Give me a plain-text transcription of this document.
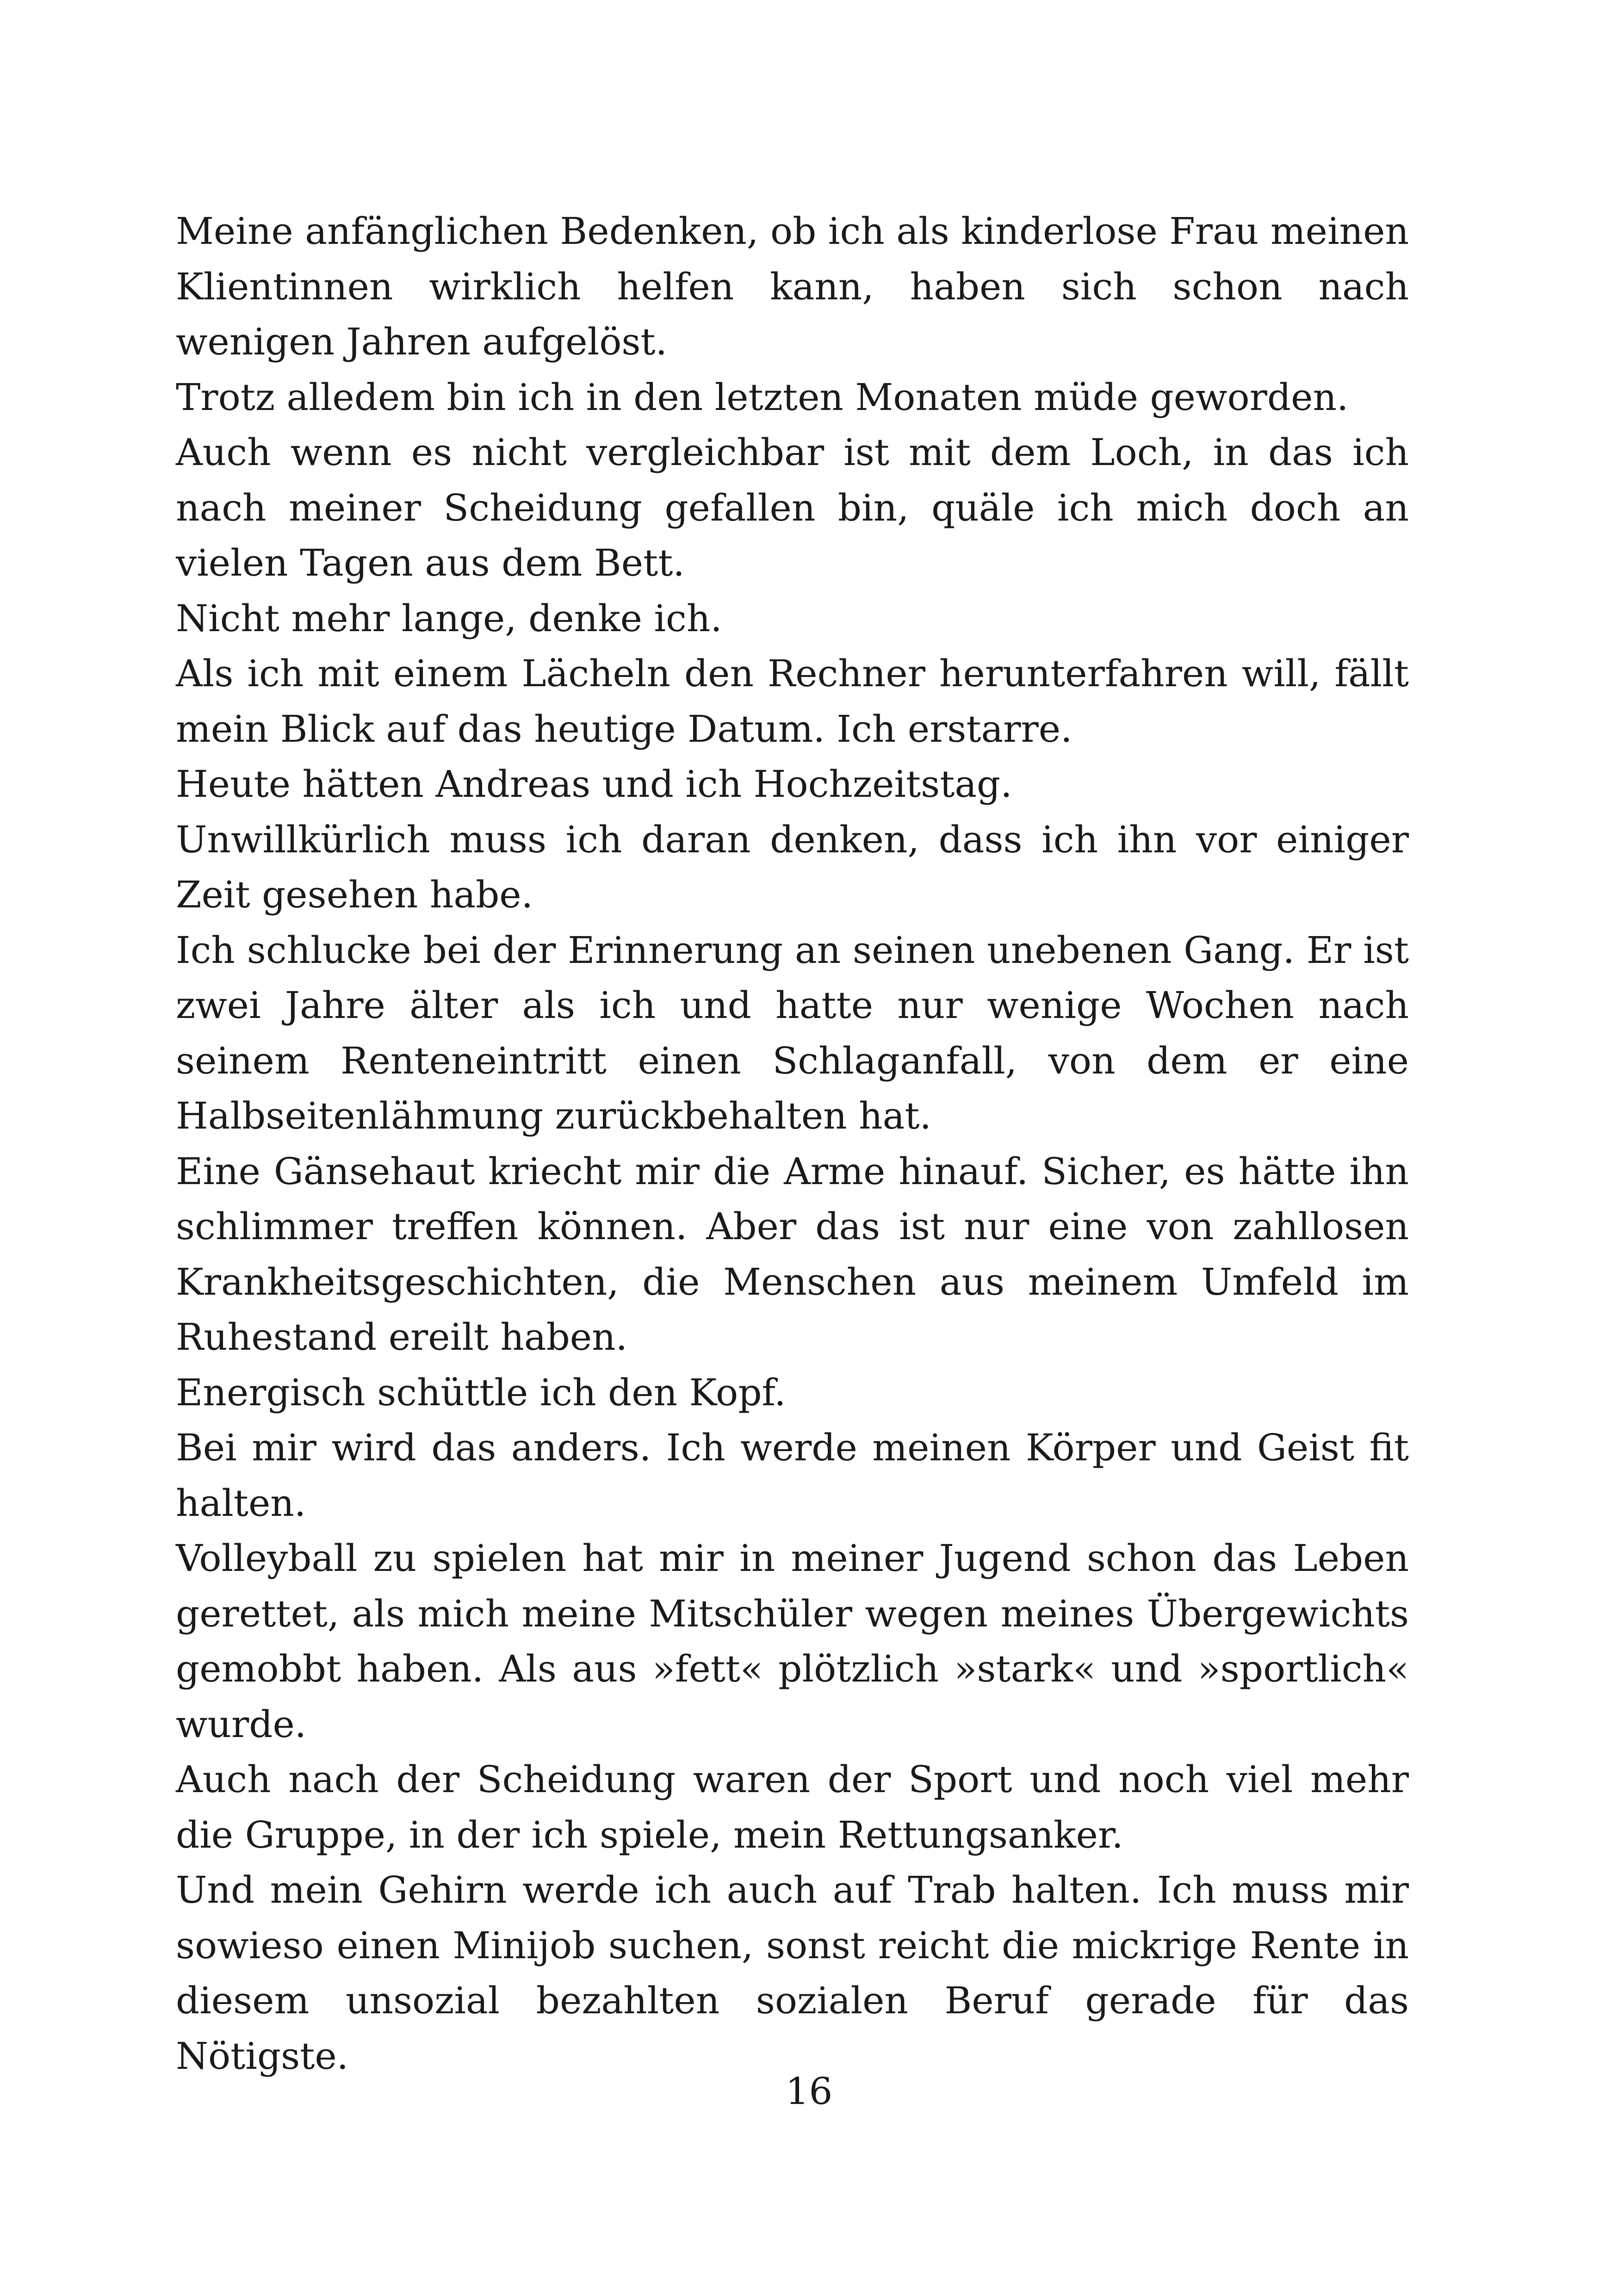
Meine anfänglichen Bedenken, ob ich als kinderlose Frau meinen Klientinnen wirklich helfen kann, haben sich schon nach wenigen Jahren aufgelöst.

Trotz alledem bin ich in den letzten Monaten müde geworden.

Auch wenn es nicht vergleichbar ist mit dem Loch, in das ich nach meiner Scheidung gefallen bin, quäle ich mich doch an vielen Tagen aus dem Bett.

Nicht mehr lange, denke ich.

Als ich mit einem Lächeln den Rechner herunterfahren will, fällt mein Blick auf das heutige Datum. Ich erstarre.

Heute hätten Andreas und ich Hochzeitstag.

Unwillkürlich muss ich daran denken, dass ich ihn vor einiger Zeit gesehen habe.

Ich schlucke bei der Erinnerung an seinen unebenen Gang. Er ist zwei Jahre älter als ich und hatte nur wenige Wochen nach seinem Renteneintritt einen Schlaganfall, von dem er eine Halbseitenlähmung zurückbehalten hat.

Eine Gänsehaut kriecht mir die Arme hinauf. Sicher, es hätte ihn schlimmer treffen können. Aber das ist nur eine von zahllosen Krankheitsgeschichten, die Menschen aus meinem Umfeld im Ruhestand ereilt haben.

Energisch schüttle ich den Kopf.

Bei mir wird das anders. Ich werde meinen Körper und Geist fit halten.

Volleyball zu spielen hat mir in meiner Jugend schon das Leben gerettet, als mich meine Mitschüler wegen meines Übergewichts gemobbt haben. Als aus »fett« plötzlich »stark« und »sportlich« wurde.

Auch nach der Scheidung waren der Sport und noch viel mehr die Gruppe, in der ich spiele, mein Rettungsanker.

Und mein Gehirn werde ich auch auf Trab halten. Ich muss mir sowieso einen Minijob suchen, sonst reicht die mickrige Rente in diesem unsozial bezahlten sozialen Beruf gerade für das Nötigste.

16
